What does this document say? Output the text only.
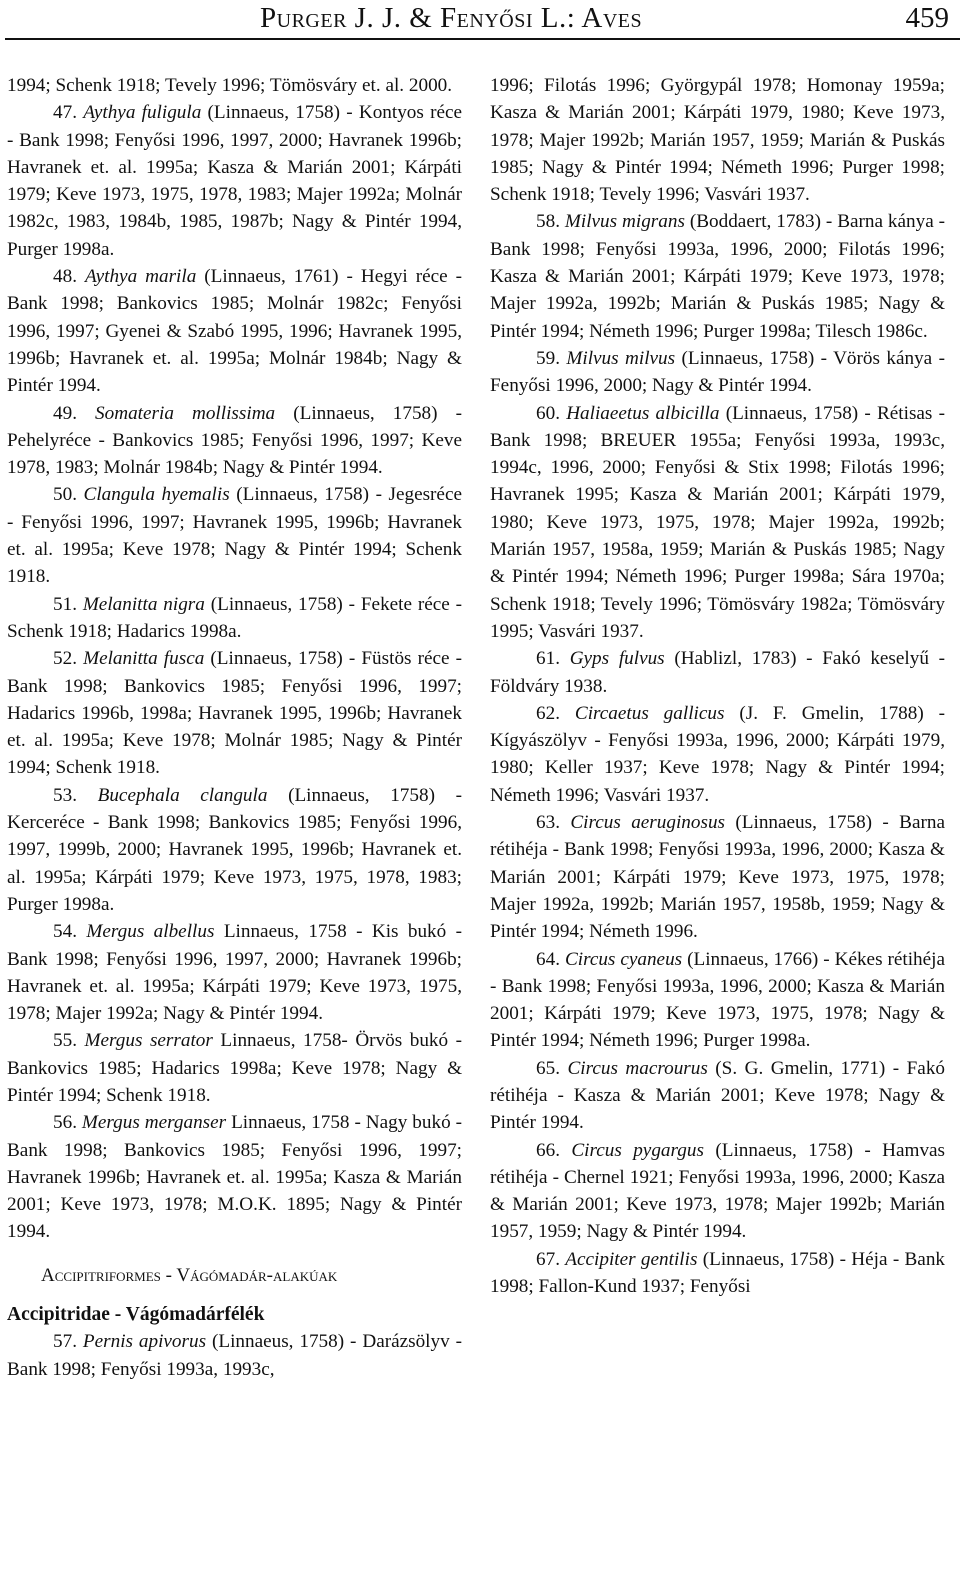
Purger J. J. & Fenyősi L.: Aves	459

1994; Schenk 1918; Tevely 1996; Tömösváry et. al. 2000.

47. Aythya fuligula (Linnaeus, 1758) - Kontyos réce - Bank 1998; Fenyősi 1996, 1997, 2000; Havranek 1996b; Havranek et. al. 1995a; Kasza & Marián 2001; Kárpáti 1979; Keve 1973, 1975, 1978, 1983; Majer 1992a; Molnár 1982c, 1983, 1984b, 1985, 1987b; Nagy & Pintér 1994, Purger 1998a.

48. Aythya marila (Linnaeus, 1761) - Hegyi réce - Bank 1998; Bankovics 1985; Molnár 1982c; Fenyősi 1996, 1997; Gyenei & Szabó 1995, 1996; Havranek 1995, 1996b; Havranek et. al. 1995a; Molnár 1984b; Nagy & Pintér 1994.

49. Somateria mollissima (Linnaeus, 1758) - Pehelyréce - Bankovics 1985; Fenyősi 1996, 1997; Keve 1978, 1983; Molnár 1984b; Nagy & Pintér 1994.

50. Clangula hyemalis (Linnaeus, 1758) - Jegesréce - Fenyősi 1996, 1997; Havranek 1995, 1996b; Havranek et. al. 1995a; Keve 1978; Nagy & Pintér 1994; Schenk 1918.

51. Melanitta nigra (Linnaeus, 1758) - Fekete réce - Schenk 1918; Hadarics 1998a.

52. Melanitta fusca (Linnaeus, 1758) - Füstös réce - Bank 1998; Bankovics 1985; Fenyősi 1996, 1997; Hadarics 1996b, 1998a; Havranek 1995, 1996b; Havranek et. al. 1995a; Keve 1978; Molnár 1985; Nagy & Pintér 1994; Schenk 1918.

53. Bucephala clangula (Linnaeus, 1758) - Kerceréce - Bank 1998; Bankovics 1985; Fenyősi 1996, 1997, 1999b, 2000; Havranek 1995, 1996b; Havranek et. al. 1995a; Kárpáti 1979; Keve 1973, 1975, 1978, 1983; Purger 1998a.

54. Mergus albellus Linnaeus, 1758 - Kis bukó - Bank 1998; Fenyősi 1996, 1997, 2000; Havranek 1996b; Havranek et. al. 1995a; Kárpáti 1979; Keve 1973, 1975, 1978; Majer 1992a; Nagy & Pintér 1994.

55. Mergus serrator Linnaeus, 1758- Örvös bukó - Bankovics 1985; Hadarics 1998a; Keve 1978; Nagy & Pintér 1994; Schenk 1918.

56. Mergus merganser Linnaeus, 1758 - Nagy bukó - Bank 1998; Bankovics 1985; Fenyősi 1996, 1997; Havranek 1996b; Havranek et. al. 1995a; Kasza & Marián 2001; Keve 1973, 1978; M.O.K. 1895; Nagy & Pintér 1994.

Accipitriformes - Vágómadár-alakúak
Accipitridae - Vágómadárfélék

57. Pernis apivorus (Linnaeus, 1758) - Darázsölyv - Bank 1998; Fenyősi 1993a, 1993c,

1996; Filotás 1996; Györgypál 1978; Homonay 1959a; Kasza & Marián 2001; Kárpáti 1979, 1980; Keve 1973, 1978; Majer 1992b; Marián 1957, 1959; Marián & Puskás 1985; Nagy & Pintér 1994; Németh 1996; Purger 1998; Schenk 1918; Tevely 1996; Vasvári 1937.

58. Milvus migrans (Boddaert, 1783) - Barna kánya - Bank 1998; Fenyősi 1993a, 1996, 2000; Filotás 1996; Kasza & Marián 2001; Kárpáti 1979; Keve 1973, 1978; Majer 1992a, 1992b; Marián & Puskás 1985; Nagy & Pintér 1994; Németh 1996; Purger 1998a; Tilesch 1986c.

59. Milvus milvus (Linnaeus, 1758) - Vörös kánya - Fenyősi 1996, 2000; Nagy & Pintér 1994.

60. Haliaeetus albicilla (Linnaeus, 1758) - Rétisas - Bank 1998; BREUER 1955a; Fenyősi 1993a, 1993c, 1994c, 1996, 2000; Fenyősi & Stix 1998; Filotás 1996; Havranek 1995; Kasza & Marián 2001; Kárpáti 1979, 1980; Keve 1973, 1975, 1978; Majer 1992a, 1992b; Marián 1957, 1958a, 1959; Marián & Puskás 1985; Nagy & Pintér 1994; Németh 1996; Purger 1998a; Sára 1970a; Schenk 1918; Tevely 1996; Tömösváry 1982a; Tömösváry 1995; Vasvári 1937.

61. Gyps fulvus (Hablizl, 1783) - Fakó keselyű - Földváry 1938.

62. Circaetus gallicus (J. F. Gmelin, 1788) - Kígyászölyv - Fenyősi 1993a, 1996, 2000; Kárpáti 1979, 1980; Keller 1937; Keve 1978; Nagy & Pintér 1994; Németh 1996; Vasvári 1937.

63. Circus aeruginosus (Linnaeus, 1758) - Barna rétihéja - Bank 1998; Fenyősi 1993a, 1996, 2000; Kasza & Marián 2001; Kárpáti 1979; Keve 1973, 1975, 1978; Majer 1992a, 1992b; Marián 1957, 1958b, 1959; Nagy & Pintér 1994; Németh 1996.

64. Circus cyaneus (Linnaeus, 1766) - Kékes rétihéja - Bank 1998; Fenyősi 1993a, 1996, 2000; Kasza & Marián 2001; Kárpáti 1979; Keve 1973, 1975, 1978; Nagy & Pintér 1994; Németh 1996; Purger 1998a.

65. Circus macrourus (S. G. Gmelin, 1771) - Fakó rétihéja - Kasza & Marián 2001; Keve 1978; Nagy & Pintér 1994.

66. Circus pygargus (Linnaeus, 1758) - Hamvas rétihéja - Chernel 1921; Fenyősi 1993a, 1996, 2000; Kasza & Marián 2001; Keve 1973, 1978; Majer 1992b; Marián 1957, 1959; Nagy & Pintér 1994.

67. Accipiter gentilis (Linnaeus, 1758) - Héja - Bank 1998; Fallon-Kund 1937; Fenyősi
